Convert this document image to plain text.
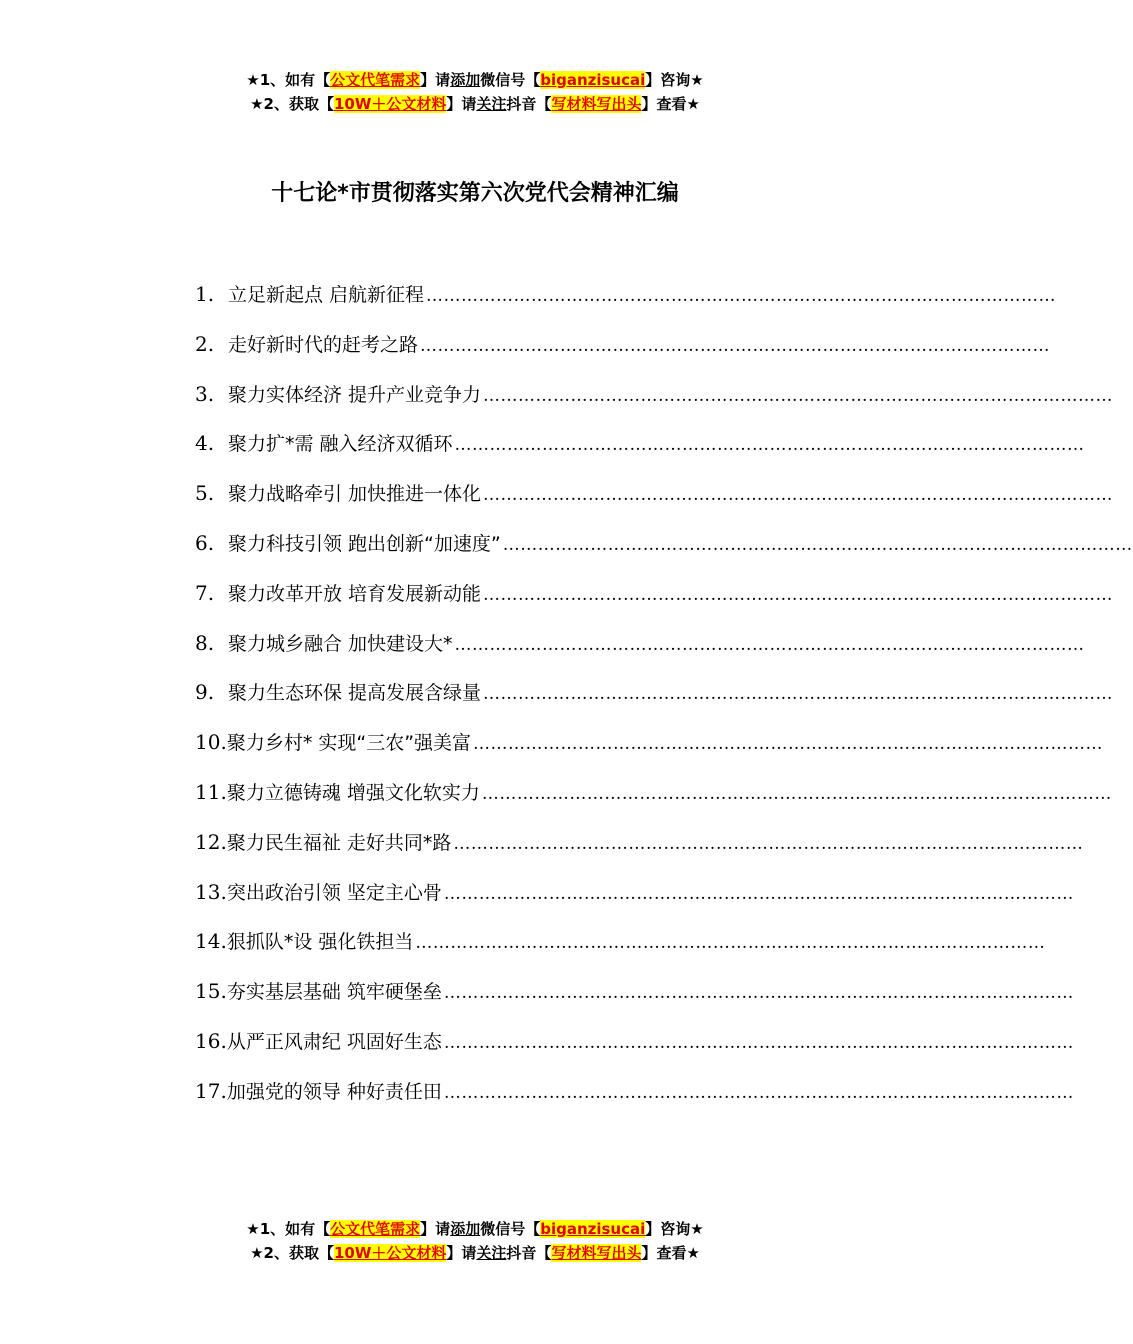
★1、如有【公文代笔需求】请添加微信号【biganzisucai】咨询★
★2、获取【10W＋公文材料】请关注抖音【写材料写出头】查看★
十七论*市贯彻落实第六次党代会精神汇编
1. 立足新起点 启航新征程 ………………………………………………………………………………………………
2. 走好新时代的赶考之路 ………………………………………………………………………………………………
3. 聚力实体经济 提升产业竞争力 ………………………………………………………………………………………………
4. 聚力扩*需 融入经济双循环 ………………………………………………………………………………………………
5. 聚力战略牵引 加快推进一体化 ………………………………………………………………………………………………
6. 聚力科技引领 跑出创新“加速度” ………………………………………………………………………………………………
7. 聚力改革开放 培育发展新动能 ………………………………………………………………………………………………
8. 聚力城乡融合 加快建设大* ………………………………………………………………………………………………
9. 聚力生态环保 提高发展含绿量 ………………………………………………………………………………………………
10. 聚力乡村* 实现“三农”强美富 ………………………………………………………………………………………………
11. 聚力立德铸魂 增强文化软实力 ………………………………………………………………………………………………
12. 聚力民生福祉 走好共同*路 ………………………………………………………………………………………………
13. 突出政治引领 坚定主心骨 ………………………………………………………………………………………………
14. 狠抓队*设 强化铁担当 ………………………………………………………………………………………………
15. 夯实基层基础 筑牢硬堡垒 ………………………………………………………………………………………………
16. 从严正风肃纪 巩固好生态 ………………………………………………………………………………………………
17. 加强党的领导 种好责任田 ………………………………………………………………………………………………
★1、如有【公文代笔需求】请添加微信号【biganzisucai】咨询★
★2、获取【10W＋公文材料】请关注抖音【写材料写出头】查看★
